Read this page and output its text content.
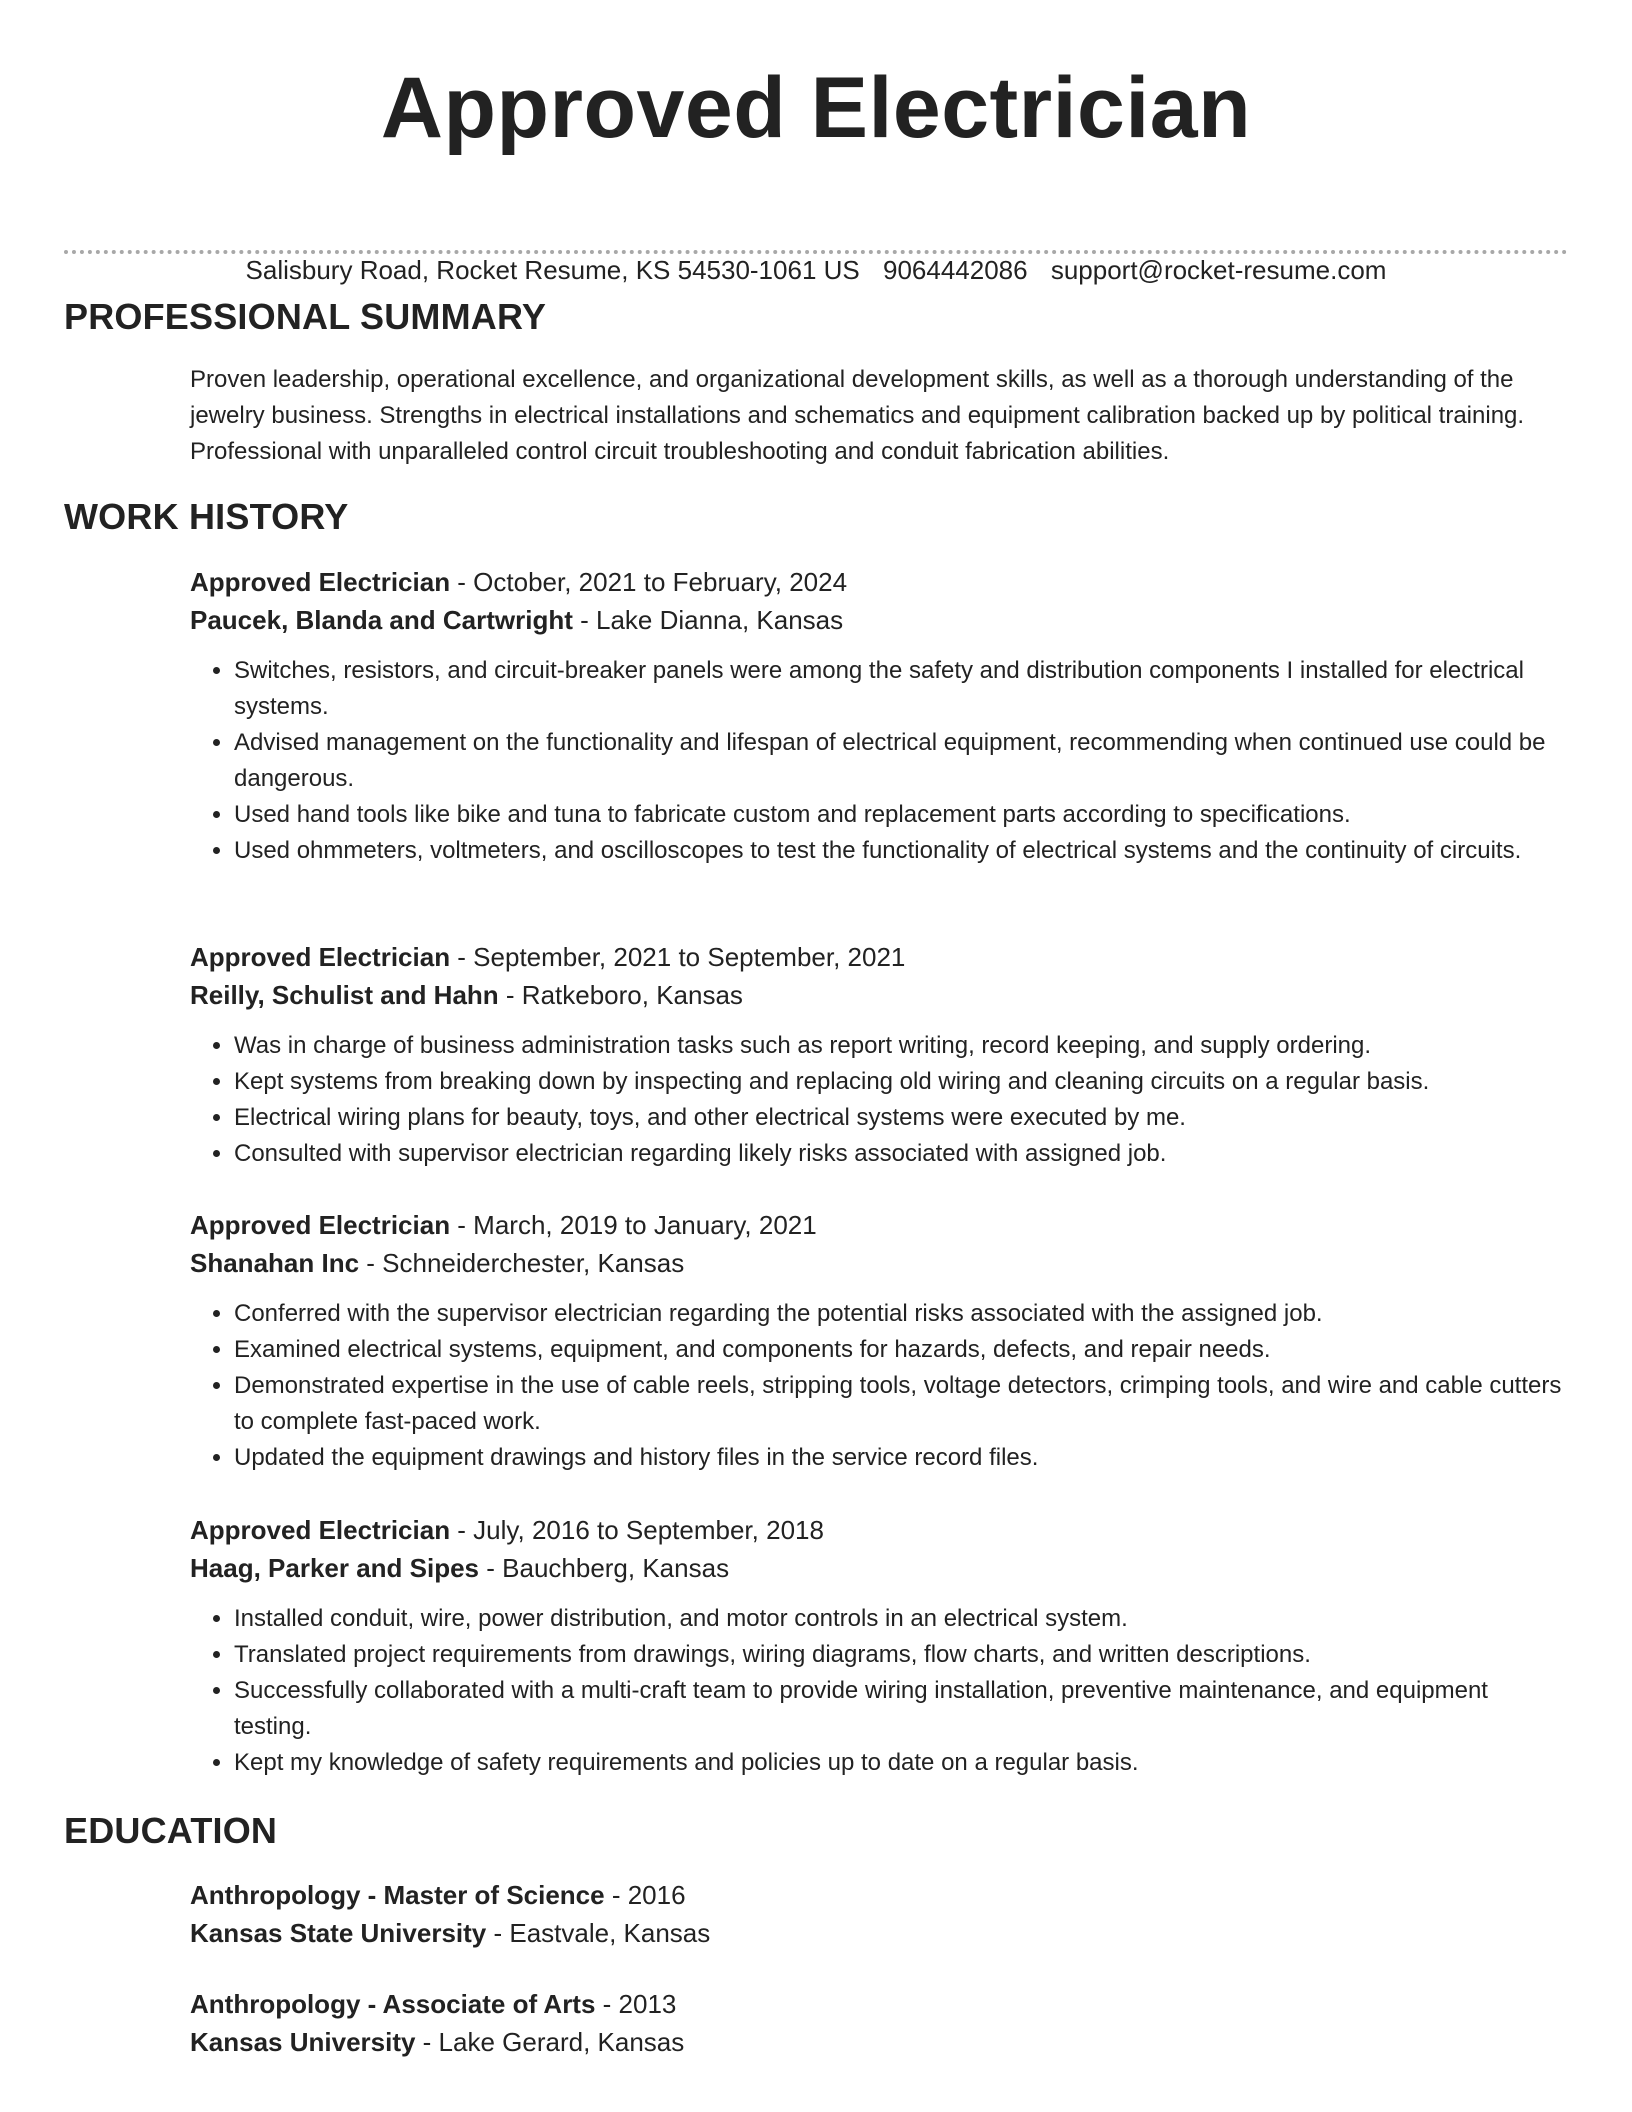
Approved Electrician
Salisbury Road, Rocket Resume, KS 54530-1061 US 9064442086 support@rocket-resume.com
PROFESSIONAL SUMMARY

Proven leadership, operational excellence, and organizational development skills, as well as a thorough understanding of the jewelry business. Strengths in electrical installations and schematics and equipment calibration backed up by political training. Professional with unparalleled control circuit troubleshooting and conduit fabrication abilities.

WORK HISTORY
Approved Electrician - October, 2021 to February, 2024
Paucek, Blanda and Cartwright - Lake Dianna, Kansas
• Switches, resistors, and circuit-breaker panels were among the safety and distribution components I installed for electrical systems.
• Advised management on the functionality and lifespan of electrical equipment, recommending when continued use could be dangerous.
• Used hand tools like bike and tuna to fabricate custom and replacement parts according to specifications.
• Used ohmmeters, voltmeters, and oscilloscopes to test the functionality of electrical systems and the continuity of circuits.
Approved Electrician - September, 2021 to September, 2021
Reilly, Schulist and Hahn - Ratkeboro, Kansas
• Was in charge of business administration tasks such as report writing, record keeping, and supply ordering.
• Kept systems from breaking down by inspecting and replacing old wiring and cleaning circuits on a regular basis.
• Electrical wiring plans for beauty, toys, and other electrical systems were executed by me.
• Consulted with supervisor electrician regarding likely risks associated with assigned job.
Approved Electrician - March, 2019 to January, 2021
Shanahan Inc - Schneiderchester, Kansas
• Conferred with the supervisor electrician regarding the potential risks associated with the assigned job.
• Examined electrical systems, equipment, and components for hazards, defects, and repair needs.
• Demonstrated expertise in the use of cable reels, stripping tools, voltage detectors, crimping tools, and wire and cable cutters to complete fast-paced work.
• Updated the equipment drawings and history files in the service record files.
Approved Electrician - July, 2016 to September, 2018
Haag, Parker and Sipes - Bauchberg, Kansas
• Installed conduit, wire, power distribution, and motor controls in an electrical system.
• Translated project requirements from drawings, wiring diagrams, flow charts, and written descriptions.
• Successfully collaborated with a multi-craft team to provide wiring installation, preventive maintenance, and equipment testing.
• Kept my knowledge of safety requirements and policies up to date on a regular basis.
EDUCATION
Anthropology - Master of Science - 2016
Kansas State University - Eastvale, Kansas
Anthropology - Associate of Arts - 2013
Kansas University - Lake Gerard, Kansas
